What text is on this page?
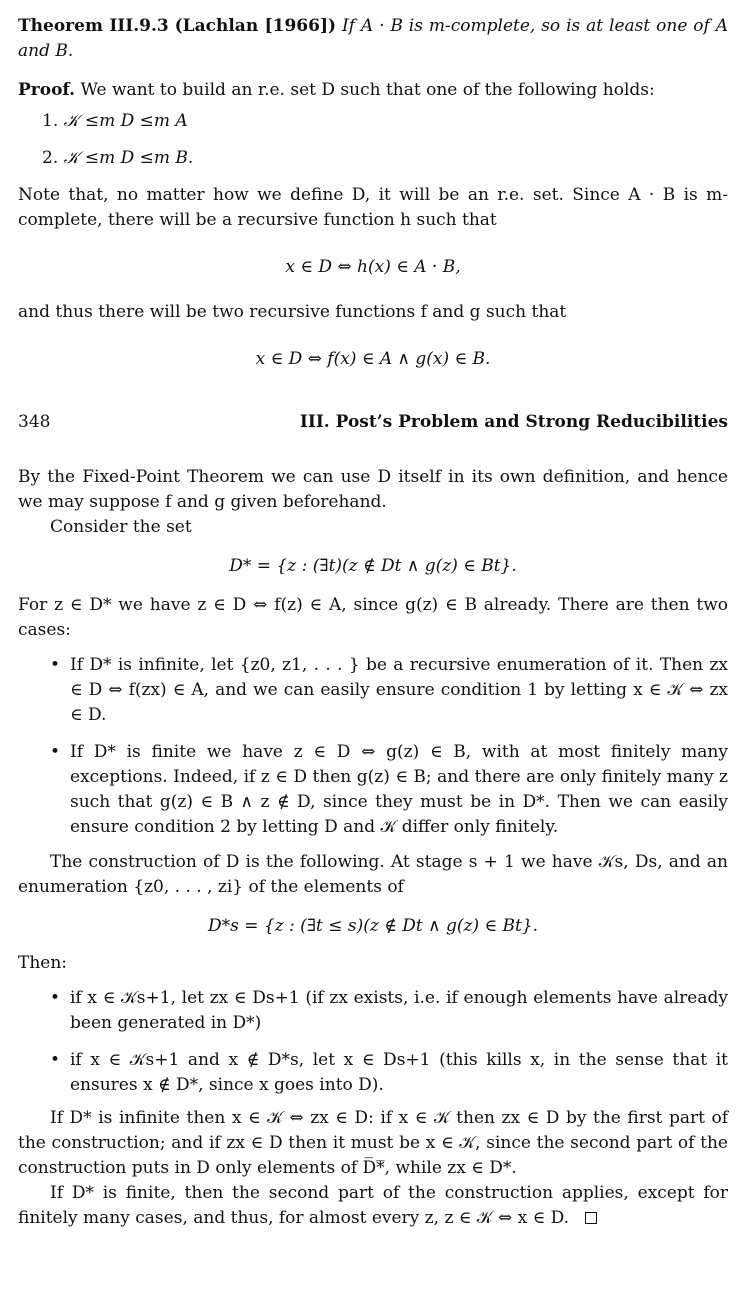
Theorem III.9.3 (Lachlan [1966]) If A · B is m-complete, so is at least one of A and B.

Proof. We want to build an r.e. set D such that one of the following holds:

1. 𝒦 ≤m D ≤m A
2. 𝒦 ≤m D ≤m B.

Note that, no matter how we define D, it will be an r.e. set. Since A · B is m-complete, there will be a recursive function h such that

x ∈ D ⇔ h(x) ∈ A · B,

and thus there will be two recursive functions f and g such that

x ∈ D ⇔ f(x) ∈ A ∧ g(x) ∈ B.

348	III. Post’s Problem and Strong Reducibilities

By the Fixed-Point Theorem we can use D itself in its own definition, and hence we may suppose f and g given beforehand.

Consider the set

D* = {z : (∃t)(z ∉ Dt ∧ g(z) ∈ Bt}.

For z ∈ D* we have z ∈ D ⇔ f(z) ∈ A, since g(z) ∈ B already. There are then two cases:

• If D* is infinite, let {z0, z1, . . . } be a recursive enumeration of it. Then zx ∈ D ⇔ f(zx) ∈ A, and we can easily ensure condition 1 by letting x ∈ 𝒦 ⇔ zx ∈ D.
• If D* is finite we have z ∈ D ⇔ g(z) ∈ B, with at most finitely many exceptions. Indeed, if z ∈ D then g(z) ∈ B; and there are only finitely many z such that g(z) ∈ B ∧ z ∉ D, since they must be in D*. Then we can easily ensure condition 2 by letting D and 𝒦 differ only finitely.

The construction of D is the following. At stage s + 1 we have 𝒦s, Ds, and an enumeration {z0, . . . , zi} of the elements of

D*s = {z : (∃t ≤ s)(z ∉ Dt ∧ g(z) ∈ Bt}.

Then:

• if x ∈ 𝒦s+1, let zx ∈ Ds+1 (if zx exists, i.e. if enough elements have already been generated in D*)
• if x ∈ 𝒦s+1 and x ∉ D*s, let x ∈ Ds+1 (this kills x, in the sense that it ensures x ∉ D*, since x goes into D).

If D* is infinite then x ∈ 𝒦 ⇔ zx ∈ D: if x ∈ 𝒦 then zx ∈ D by the first part of the construction; and if zx ∈ D then it must be x ∈ 𝒦, since the second part of the construction puts in D only elements of D̅*̅, while zx ∈ D*.

If D* is finite, then the second part of the construction applies, except for finitely many cases, and thus, for almost every z, z ∈ 𝒦 ⇔ x ∈ D.
